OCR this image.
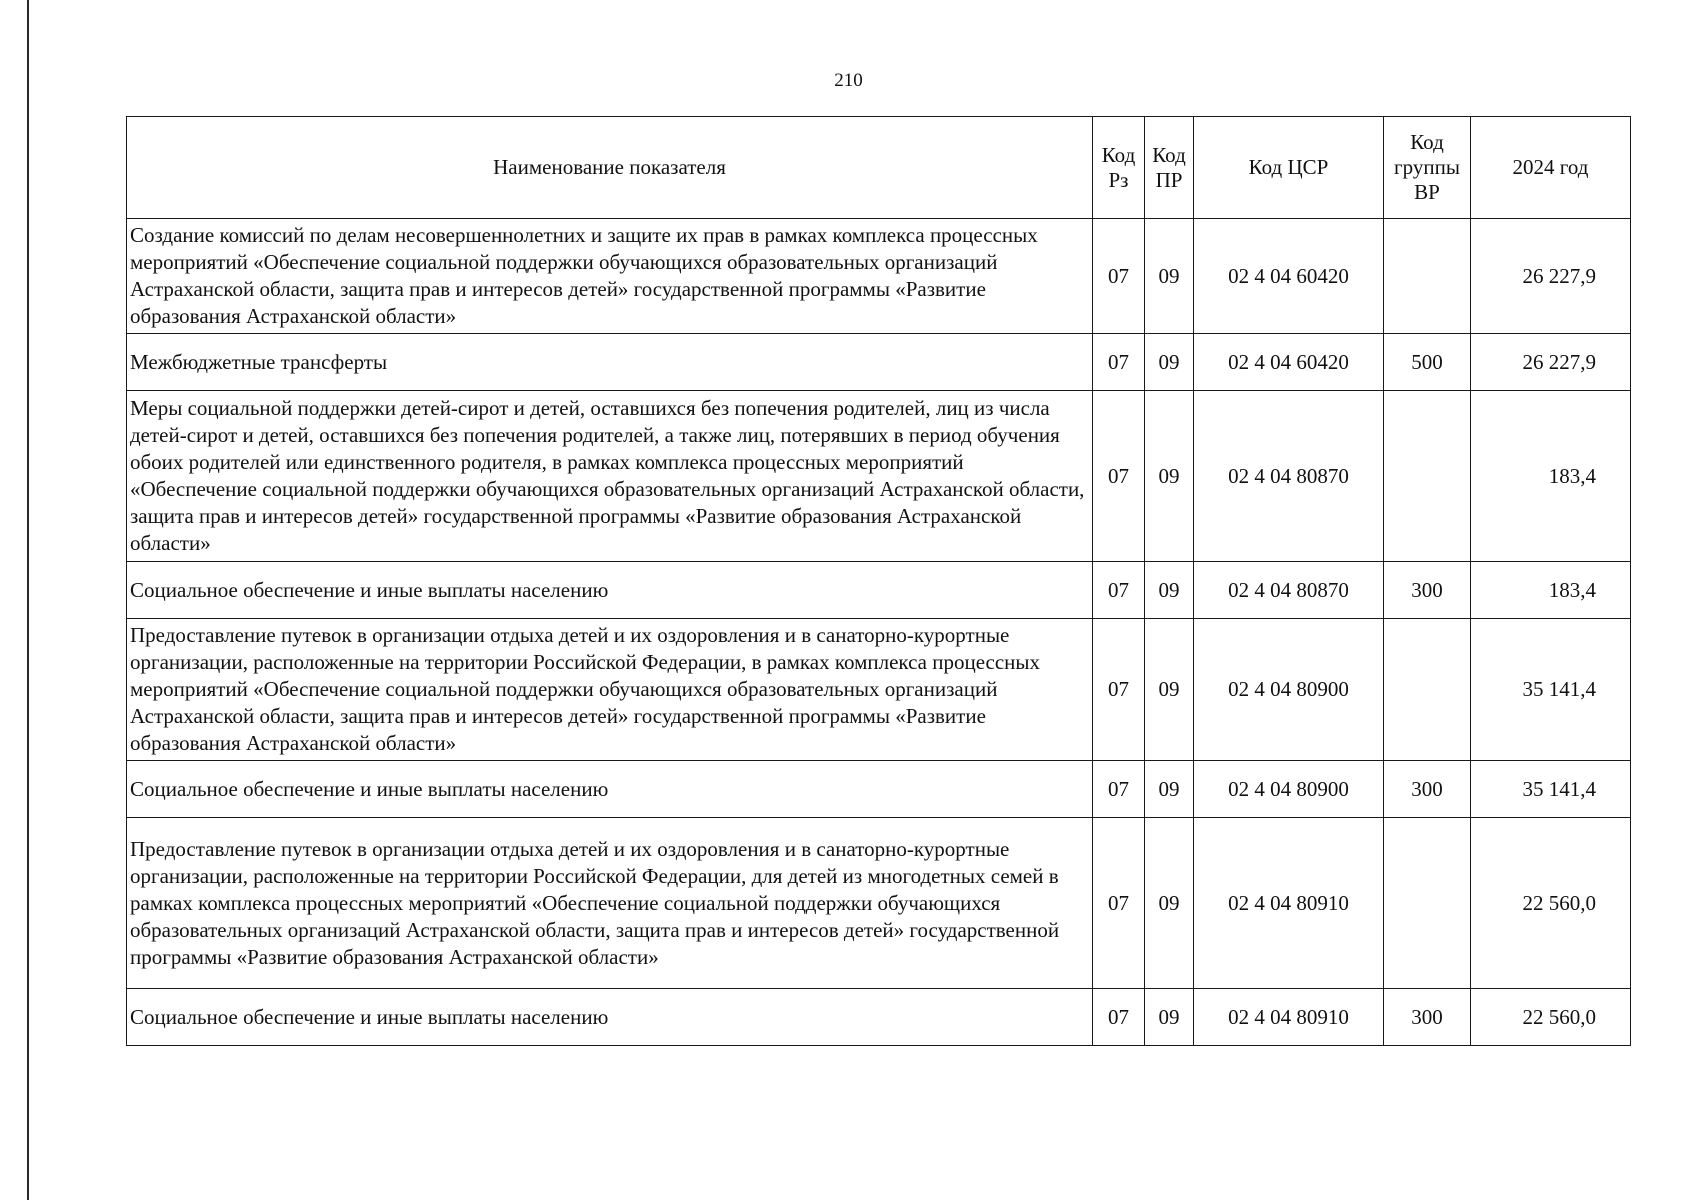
210
Наименование показателя	Код Рз	Код ПР	Код ЦСР	Код группы ВР	2024 год
Создание комиссий по делам несовершеннолетних и защите их прав в рамках комплекса процессных мероприятий «Обеспечение социальной поддержки обучающихся образовательных организаций Астраханской области, защита прав и интересов детей» государственной программы «Развитие образования Астраханской области»	07	09	02 4 04 60420		26 227,9
Межбюджетные трансферты	07	09	02 4 04 60420	500	26 227,9
Меры социальной поддержки детей-сирот и детей, оставшихся без попечения родителей, лиц из числа детей-сирот и детей, оставшихся без попечения родителей, а также лиц, потерявших в период обучения обоих родителей или единственного родителя, в рамках комплекса процессных мероприятий «Обеспечение социальной поддержки обучающихся образовательных организаций Астраханской области, защита прав и интересов детей» государственной программы «Развитие образования Астраханской области»	07	09	02 4 04 80870		183,4
Социальное обеспечение и иные выплаты населению	07	09	02 4 04 80870	300	183,4
Предоставление путевок в организации отдыха детей и их оздоровления и в санаторно-курортные организации, расположенные на территории Российской Федерации, в рамках комплекса процессных мероприятий «Обеспечение социальной поддержки обучающихся образовательных организаций Астраханской области, защита прав и интересов детей» государственной программы «Развитие образования Астраханской области»	07	09	02 4 04 80900		35 141,4
Социальное обеспечение и иные выплаты населению	07	09	02 4 04 80900	300	35 141,4
Предоставление путевок в организации отдыха детей и их оздоровления и в санаторно-курортные организации, расположенные на территории Российской Федерации, для детей из многодетных семей в рамках комплекса процессных мероприятий «Обеспечение социальной поддержки обучающихся образовательных организаций Астраханской области, защита прав и интересов детей» государственной программы «Развитие образования Астраханской области»	07	09	02 4 04 80910		22 560,0
Социальное обеспечение и иные выплаты населению	07	09	02 4 04 80910	300	22 560,0
